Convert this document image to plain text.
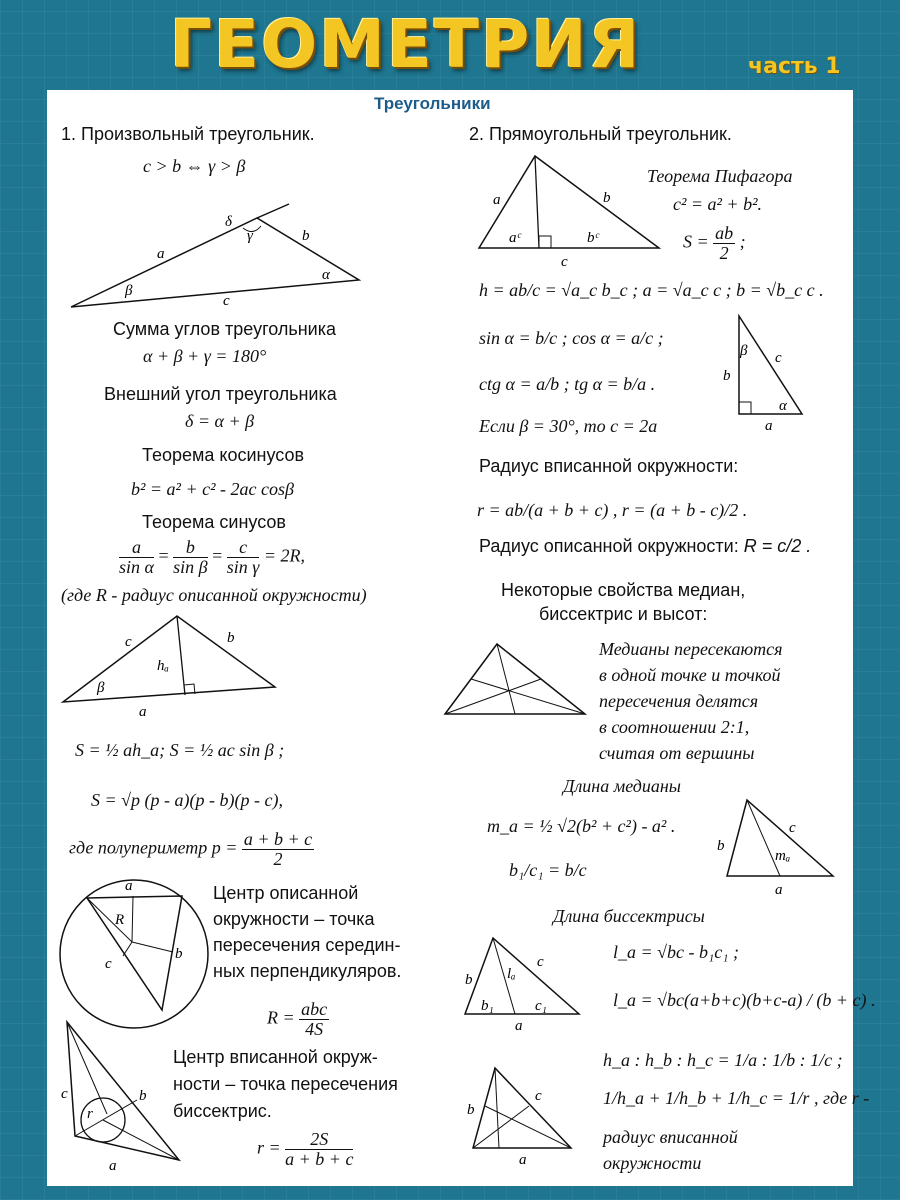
ГЕОМЕТРИЯ	часть 1
Треугольники
1. Произвольный треугольник.
c > b ⇔ γ > β
δ
γ
a
b
α
β
c
Сумма углов треугольника
α + β + γ = 180°
Внешний угол треугольника
δ = α + β
Теорема косинусов
b² = a² + c² - 2ac cosβ
Теорема синусов
$\frac{a}{\text{sin α}} = \frac{b}{\text{sin β}} = \frac{c}{\text{sin γ}} = 2R$,
(где R - радиус описанной окружности)
c	b
hₐ
β
a
S = ½ ah_a; S = ½ ac sin β ;
S = √p (p - a)(p - b)(p - c),
где полупериметр $p = \frac{a + b + c}{2}$
a
R
c
b
Центр описанной
окружности – точка
пересечения середин-
ных перпендикуляров.
$R = \frac{\text{abc}}{4S}$
c	b
r
a
Центр вписанной окруж-
ности – точка пересечения
биссектрис.
$r = \frac{2S}{a + b + c}$
2. Прямоугольный треугольник.
a	b
aᶜ	bᶜ
c
Теорема Пифагора
c² = a² + b².
$S = \frac{ab}{2}$ ;
h = ab/c = √a_c b_c ; a = √a_c c ; b = √b_c c .
sin α = b/c ; cos α = a/c ;
ctg α = a/b ; tg α = b/a .
Если β = 30°, то c = 2a
β c
b
α
a
Радиус вписанной окружности:
r = ab/(a + b + c) , r = (a + b - c)/2 .
Радиус описанной окружности: R = c/2 .
Некоторые свойства медиан,
биссектрис и высот:
Медианы пересекаются
в одной точке и точкой
пересечения делятся
в соотношении 2:1,
считая от вершины
Длина медианы
m_a = ½ √2(b² + c²) - a² .
b₁/c₁ = b/c
b
c
mₐ
a
Длина биссектрисы
b
c
lₐ
b₁	c₁
a
l_a = √bc - b₁c₁ ;
l_a = √bc(a+b+c)(b+c-a) / (b + c) .
b
c
a
h_a : h_b : h_c = 1/a : 1/b : 1/c ;
1/h_a + 1/h_b + 1/h_c = 1/r , где r -
радиус вписанной
окружности
